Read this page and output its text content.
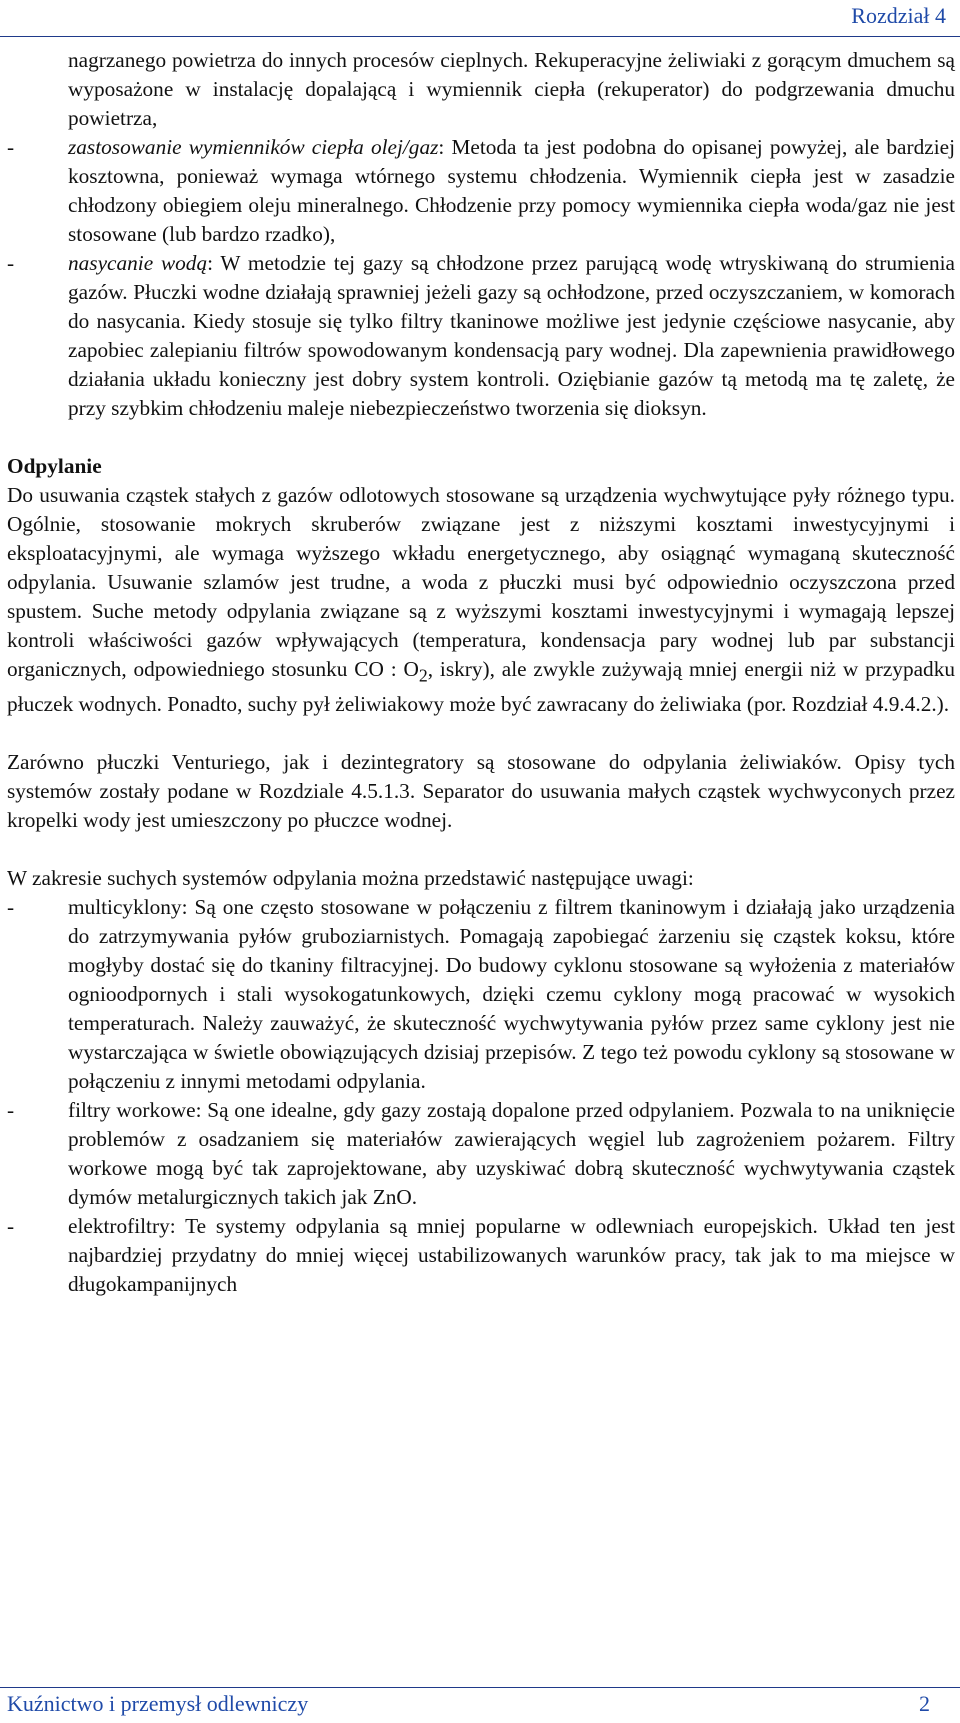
Rozdział 4

nagrzanego powietrza do innych procesów cieplnych. Rekuperacyjne żeliwiaki z gorącym dmuchem są wyposażone w instalację dopalającą i wymiennik ciepła (rekuperator) do podgrzewania dmuchu powietrza,

-	zastosowanie wymienników ciepła olej/gaz: Metoda ta jest podobna do opisanej powyżej, ale bardziej kosztowna, ponieważ wymaga wtórnego systemu chłodzenia. Wymiennik ciepła jest w zasadzie chłodzony obiegiem oleju mineralnego. Chłodzenie przy pomocy wymiennika ciepła woda/gaz nie jest stosowane (lub bardzo rzadko),
-	nasycanie wodą: W metodzie tej gazy są chłodzone przez parującą wodę wtryskiwaną do strumienia gazów. Płuczki wodne działają sprawniej jeżeli gazy są ochłodzone, przed oczyszczaniem, w komorach do nasycania. Kiedy stosuje się tylko filtry tkaninowe możliwe jest jedynie częściowe nasycanie, aby zapobiec zalepianiu filtrów spowodowanym kondensacją pary wodnej. Dla zapewnienia prawidłowego działania układu konieczny jest dobry system kontroli. Oziębianie gazów tą metodą ma tę zaletę, że przy szybkim chłodzeniu maleje niebezpieczeństwo tworzenia się dioksyn.

Odpylanie

Do usuwania cząstek stałych z gazów odlotowych stosowane są urządzenia wychwytujące pyły różnego typu. Ogólnie, stosowanie mokrych skruberów związane jest z niższymi kosztami inwestycyjnymi i eksploatacyjnymi, ale wymaga wyższego wkładu energetycznego, aby osiągnąć wymaganą skuteczność odpylania. Usuwanie szlamów jest trudne, a woda z płuczki musi być odpowiednio oczyszczona przed spustem. Suche metody odpylania związane są z wyższymi kosztami inwestycyjnymi i wymagają lepszej kontroli właściwości gazów wpływających (temperatura, kondensacja pary wodnej lub par substancji organicznych, odpowiedniego stosunku CO : $O_2$, iskry), ale zwykle zużywają mniej energii niż w przypadku płuczek wodnych. Ponadto, suchy pył żeliwiakowy może być zawracany do żeliwiaka (por. Rozdział 4.9.4.2.).

Zarówno płuczki Venturiego, jak i dezintegratory są stosowane do odpylania żeliwiaków. Opisy tych systemów zostały podane w Rozdziale 4.5.1.3. Separator do usuwania małych cząstek wychwyconych przez kropelki wody jest umieszczony po płuczce wodnej.

W zakresie suchych systemów odpylania można przedstawić następujące uwagi:

-	multicyklony: Są one często stosowane w połączeniu z filtrem tkaninowym i działają jako urządzenia do zatrzymywania pyłów gruboziarnistych. Pomagają zapobiegać żarzeniu się cząstek koksu, które mogłyby dostać się do tkaniny filtracyjnej. Do budowy cyklonu stosowane są wyłożenia z materiałów ognioodpornych i stali wysokogatunkowych, dzięki czemu cyklony mogą pracować w wysokich temperaturach. Należy zauważyć, że skuteczność wychwytywania pyłów przez same cyklony jest nie wystarczająca w świetle obowiązujących dzisiaj przepisów. Z tego też powodu cyklony są stosowane w połączeniu z innymi metodami odpylania.
-	filtry workowe: Są one idealne, gdy gazy zostają dopalone przed odpylaniem. Pozwala to na uniknięcie problemów z osadzaniem się materiałów zawierających węgiel lub zagrożeniem pożarem. Filtry workowe mogą być tak zaprojektowane, aby uzyskiwać dobrą skuteczność wychwytywania cząstek dymów metalurgicznych takich jak ZnO.
-	elektrofiltry: Te systemy odpylania są mniej popularne w odlewniach europejskich. Układ ten jest najbardziej przydatny do mniej więcej ustabilizowanych warunków pracy, tak jak to ma miejsce w długokampanijnych
Kuźnictwo i przemysł odlewniczy	2
